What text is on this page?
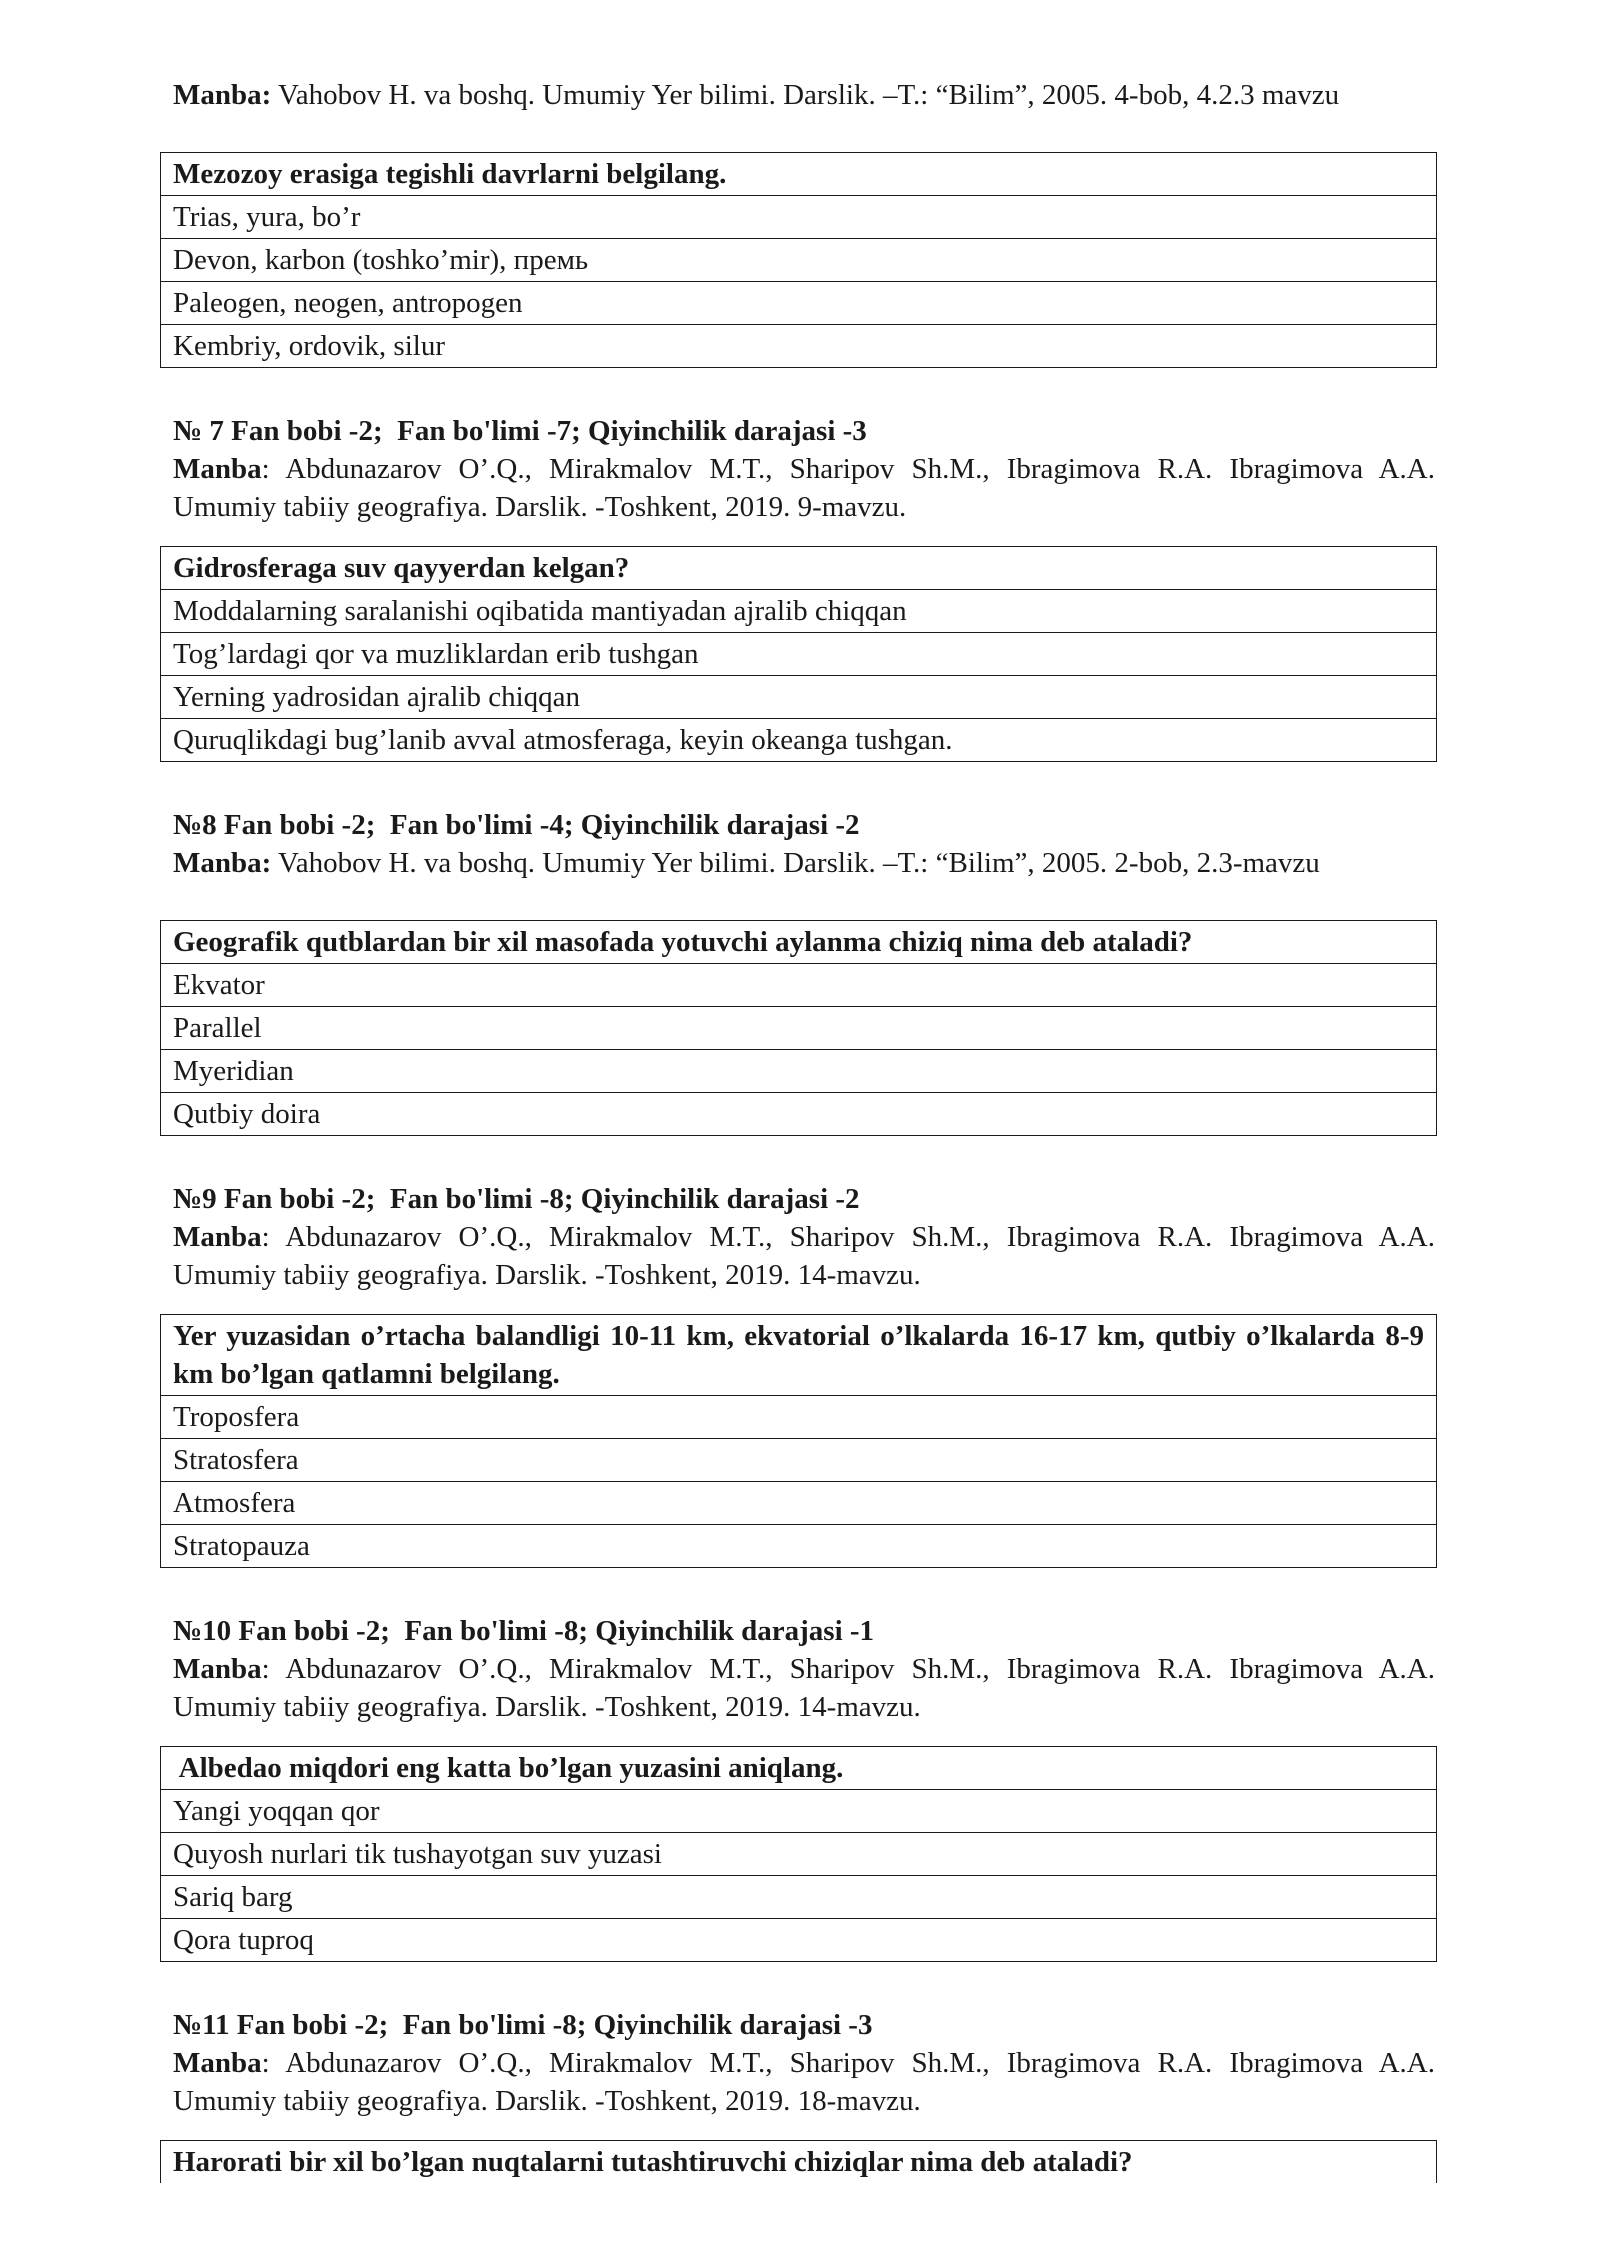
Manba: Vahobov H. va boshq. Umumiy Yer bilimi. Darslik. –T.: “Bilim”, 2005. 4-bob, 4.2.3 mavzu
Mezozoy erasiga tegishli davrlarni belgilang.
Trias, yura, bo’r
Devon, karbon (toshko’mir), премь
Paleogen, neogen, antropogen
Kembriy, ordovik, silur
№ 7 Fan bobi -2;  Fan bo'limi -7; Qiyinchilik darajasi -3
Manba: Abdunazarov O’.Q., Mirakmalov M.T., Sharipov Sh.M., Ibragimova R.A. Ibragimova A.A. Umumiy tabiiy geografiya. Darslik. -Toshkent, 2019. 9-mavzu.
Gidrosferaga suv qayyerdan kelgan?
Moddalarning saralanishi oqibatida mantiyadan ajralib chiqqan
Tog’lardagi qor va muzliklardan erib tushgan
Yerning yadrosidan ajralib chiqqan
Quruqlikdagi bug’lanib avval atmosferaga, keyin okeanga tushgan.
№8 Fan bobi -2;  Fan bo'limi -4; Qiyinchilik darajasi -2
Manba: Vahobov H. va boshq. Umumiy Yer bilimi. Darslik. –T.: “Bilim”, 2005. 2-bob, 2.3-mavzu
Geografik qutblardan bir xil masofada yotuvchi aylanma chiziq nima deb ataladi?
Ekvator
Parallel
Myeridian
Qutbiy doira
№9 Fan bobi -2;  Fan bo'limi -8; Qiyinchilik darajasi -2
Manba: Abdunazarov O’.Q., Mirakmalov M.T., Sharipov Sh.M., Ibragimova R.A. Ibragimova A.A. Umumiy tabiiy geografiya. Darslik. -Toshkent, 2019. 14-mavzu.
Yer yuzasidan o’rtacha balandligi 10-11 km, ekvatorial o’lkalarda 16-17 km, qutbiy o’lkalarda 8-9 km bo’lgan qatlamni belgilang.
Troposfera
Stratosfera
Atmosfera
Stratopauza
№10 Fan bobi -2;  Fan bo'limi -8; Qiyinchilik darajasi -1
Manba: Abdunazarov O’.Q., Mirakmalov M.T., Sharipov Sh.M., Ibragimova R.A. Ibragimova A.A. Umumiy tabiiy geografiya. Darslik. -Toshkent, 2019. 14-mavzu.
Albedao miqdori eng katta bo’lgan yuzasini aniqlang.
Yangi yoqqan qor
Quyosh nurlari tik tushayotgan suv yuzasi
Sariq barg
Qora tuproq
№11 Fan bobi -2;  Fan bo'limi -8; Qiyinchilik darajasi -3
Manba: Abdunazarov O’.Q., Mirakmalov M.T., Sharipov Sh.M., Ibragimova R.A. Ibragimova A.A. Umumiy tabiiy geografiya. Darslik. -Toshkent, 2019. 18-mavzu.
Harorati bir xil bo’lgan nuqtalarni tutashtiruvchi chiziqlar nima deb ataladi?
